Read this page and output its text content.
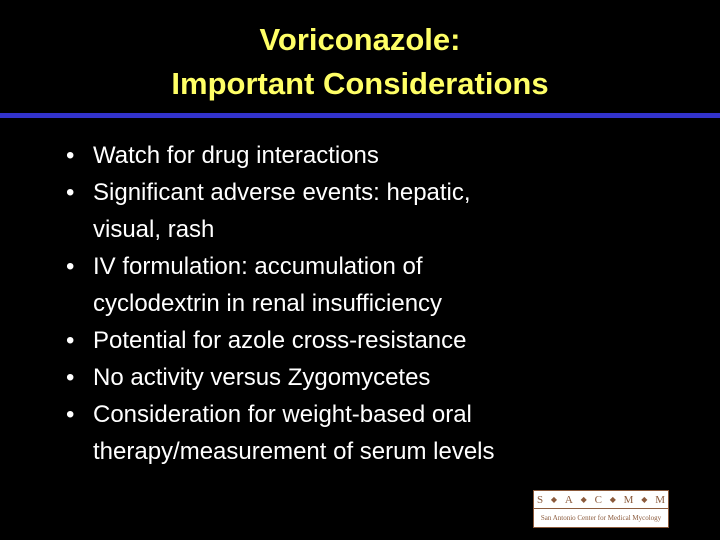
Voriconazole:
Important Considerations
• Watch for drug interactions
• Significant adverse events: hepatic,
visual, rash
• IV formulation: accumulation of
cyclodextrin in renal insufficiency
• Potential for azole cross-resistance
• No activity versus Zygomycetes
• Consideration for weight-based oral
therapy/measurement of serum levels
S ◆ A ◆ C ◆ M ◆ M
San Antonio Center for Medical Mycology
